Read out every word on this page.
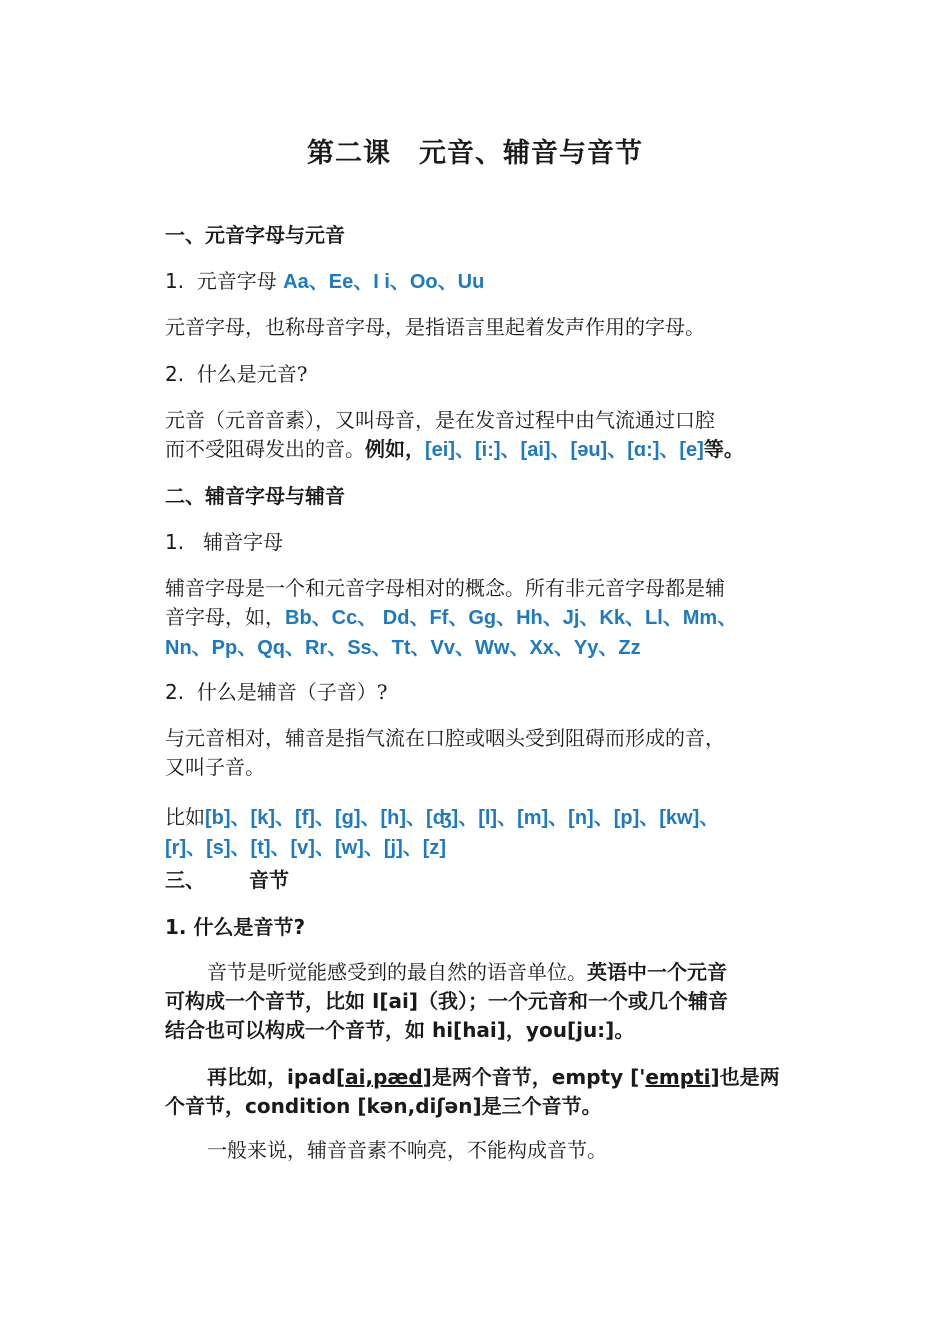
第二课　元音、辅音与音节

一、元音字母与元音

1. 元音字母 Aa、Ee、I i、Oo、Uu

元音字母，也称母音字母，是指语言里起着发声作用的字母。

2. 什么是元音?

元音（元音音素），又叫母音，是在发音过程中由气流通过口腔
而不受阻碍发出的音。例如，[ei]、[i:]、[ai]、[əu]、[ɑ:]、[e]等。

二、辅音字母与辅音

1. 辅音字母

辅音字母是一个和元音字母相对的概念。所有非元音字母都是辅
音字母，如，Bb、Cc、 Dd、Ff、Gg、Hh、Jj、Kk、Ll、Mm、
Nn、Pp、Qq、Rr、Ss、Tt、Vv、Ww、Xx、Yy、Zz

2. 什么是辅音（子音）?

与元音相对，辅音是指气流在口腔或咽头受到阻碍而形成的音，
又叫子音。

比如[b]、[k]、[f]、[g]、[h]、[ʤ]、[l]、[m]、[n]、[p]、[kw]、
[r]、[s]、[t]、[v]、[w]、[j]、[z]

三、 音节

1. 什么是音节?

音节是听觉能感受到的最自然的语音单位。英语中一个元音
可构成一个音节，比如 I[ai]（我）；一个元音和一个或几个辅音
结合也可以构成一个音节，如 hi[hai]，you[ju:]。

再比如，ipad[ai,pæd]是两个音节，empty ['empti]也是两
个音节，condition [kən,diʃən]是三个音节。

一般来说，辅音音素不响亮，不能构成音节。
